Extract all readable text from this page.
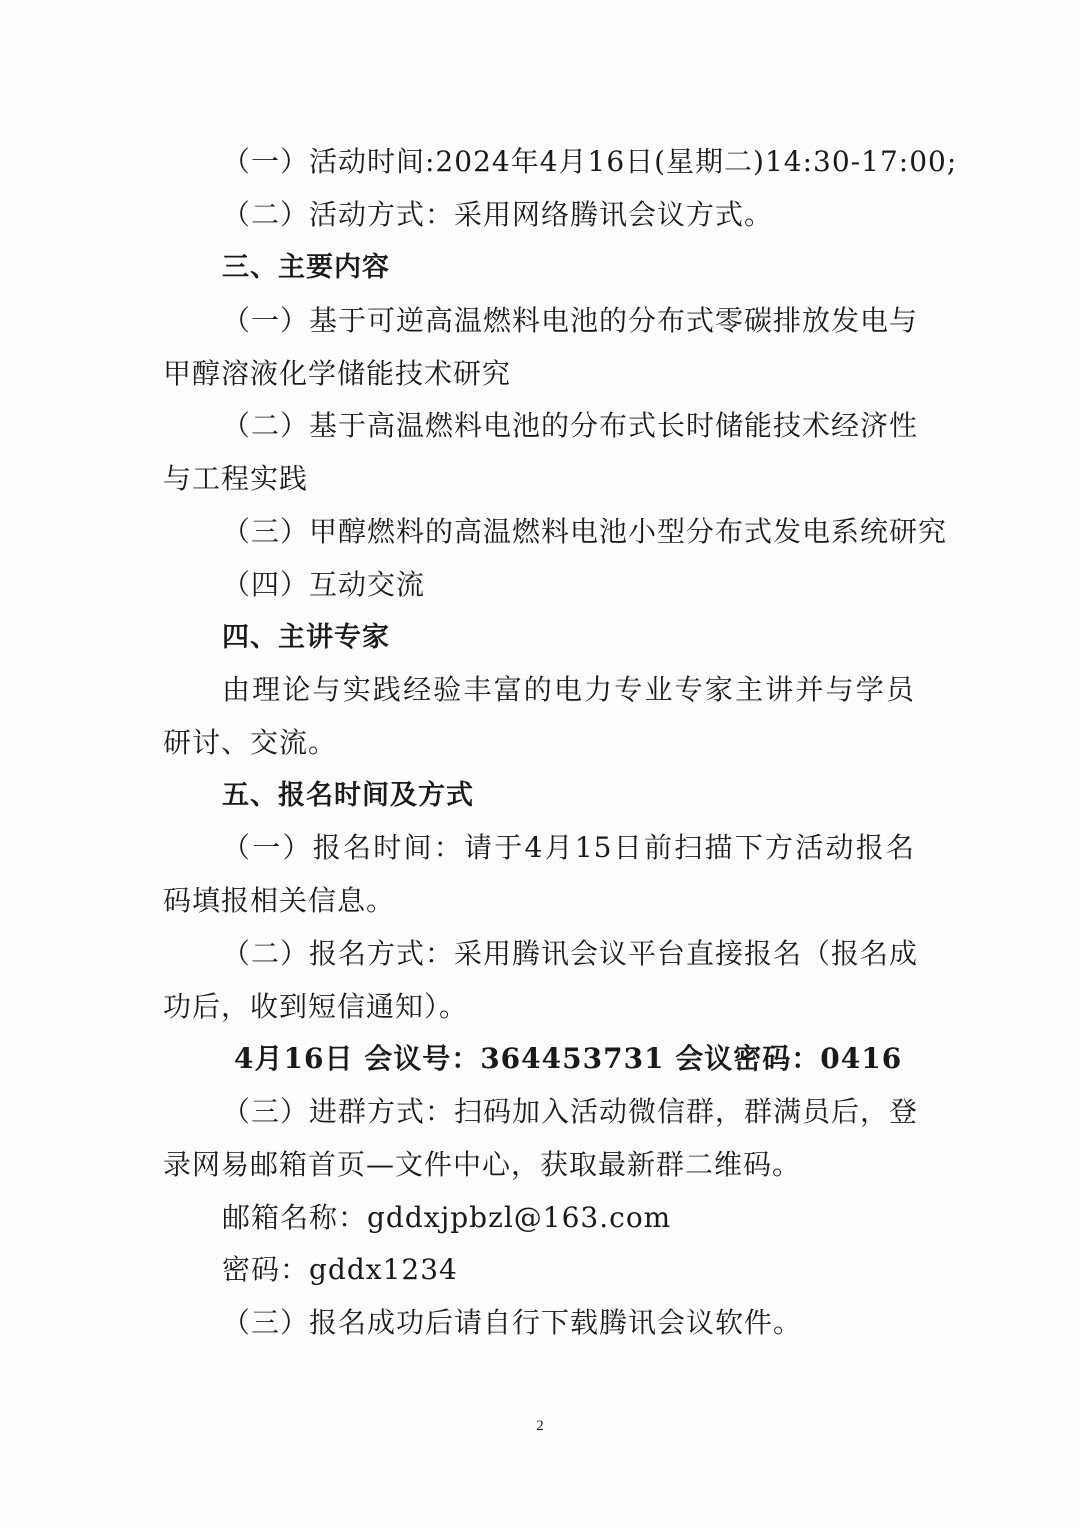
（一）活动时间:2024年4月16日(星期二)14:30-17:00;
（二）活动方式：采用网络腾讯会议方式。
三、主要内容
（一）基于可逆高温燃料电池的分布式零碳排放发电与
甲醇溶液化学储能技术研究
（二）基于高温燃料电池的分布式长时储能技术经济性
与工程实践
（三）甲醇燃料的高温燃料电池小型分布式发电系统研究
（四）互动交流
四、主讲专家
由理论与实践经验丰富的电力专业专家主讲并与学员
研讨、交流。
五、报名时间及方式
（一）报名时间：请于4月15日前扫描下方活动报名
码填报相关信息。
（二）报名方式：采用腾讯会议平台直接报名（报名成
功后，收到短信通知）。
4月16日 会议号：364453731 会议密码：0416
（三）进群方式：扫码加入活动微信群，群满员后，登
录网易邮箱首页—文件中心，获取最新群二维码。
邮箱名称：gddxjpbzl@163.com
密码：gddx1234
（三）报名成功后请自行下载腾讯会议软件。
2
